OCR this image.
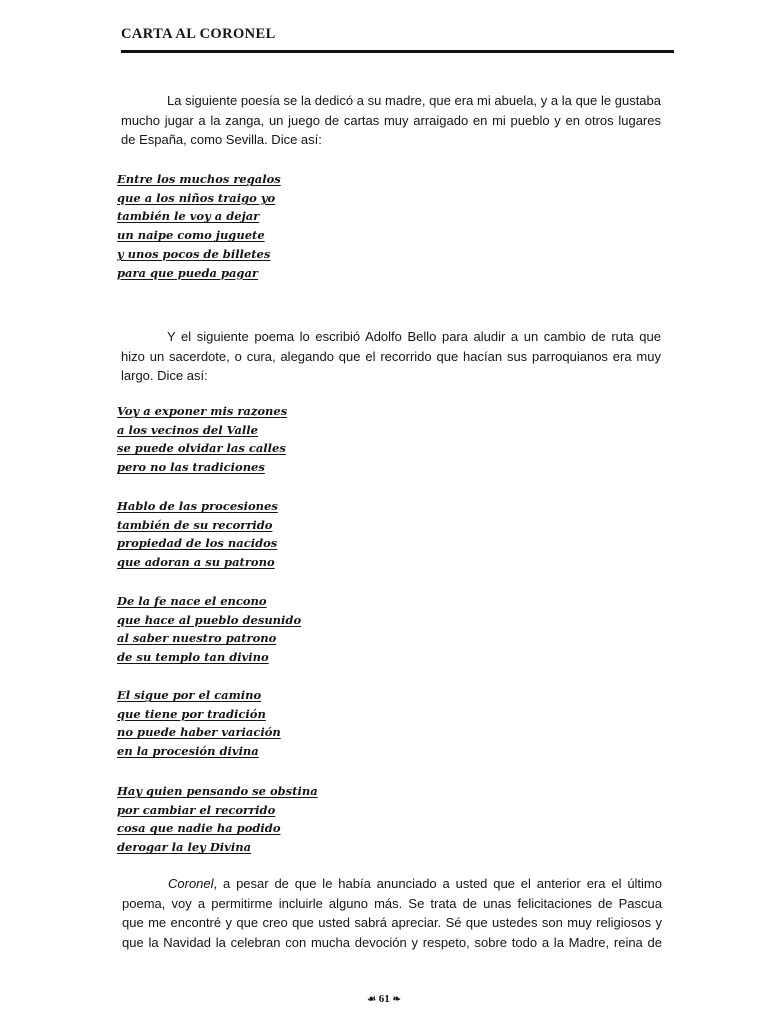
CARTA AL CORONEL

La siguiente poesía se la dedicó a su madre, que era mi abuela, y a la que le gustaba
mucho jugar a la zanga, un juego de cartas muy arraigado en mi pueblo y en otros lugares
de España, como Sevilla. Dice así:

Entre los muchos regalos
que a los niños traigo yo
también le voy a dejar
un naipe como juguete
y unos pocos de billetes
para que pueda pagar

Y el siguiente poema lo escribió Adolfo Bello para aludir a un cambio de ruta que
hizo un sacerdote, o cura, alegando que el recorrido que hacían sus parroquianos era muy
largo. Dice así:

Voy a exponer mis razones
a los vecinos del Valle
se puede olvidar las calles
pero no las tradiciones
Hablo de las procesiones
también de su recorrido
propiedad de los nacidos
que adoran a su patrono
De la fe nace el encono
que hace al pueblo desunido
al saber nuestro patrono
de su templo tan divino
El sigue por el camino
que tiene por tradición
no puede haber variación
en la procesión divina
Hay quien pensando se obstina
por cambiar el recorrido
cosa que nadie ha podido
derogar la ley Divina

Coronel, a pesar de que le había anunciado a usted que el anterior era el último
poema, voy a permitirme incluirle alguno más. Se trata de unas felicitaciones de Pascua
que me encontré y que creo que usted sabrá apreciar. Sé que ustedes son muy religiosos y
que la Navidad la celebran con mucha devoción y respeto, sobre todo a la Madre, reina de

☙ 61 ❧
